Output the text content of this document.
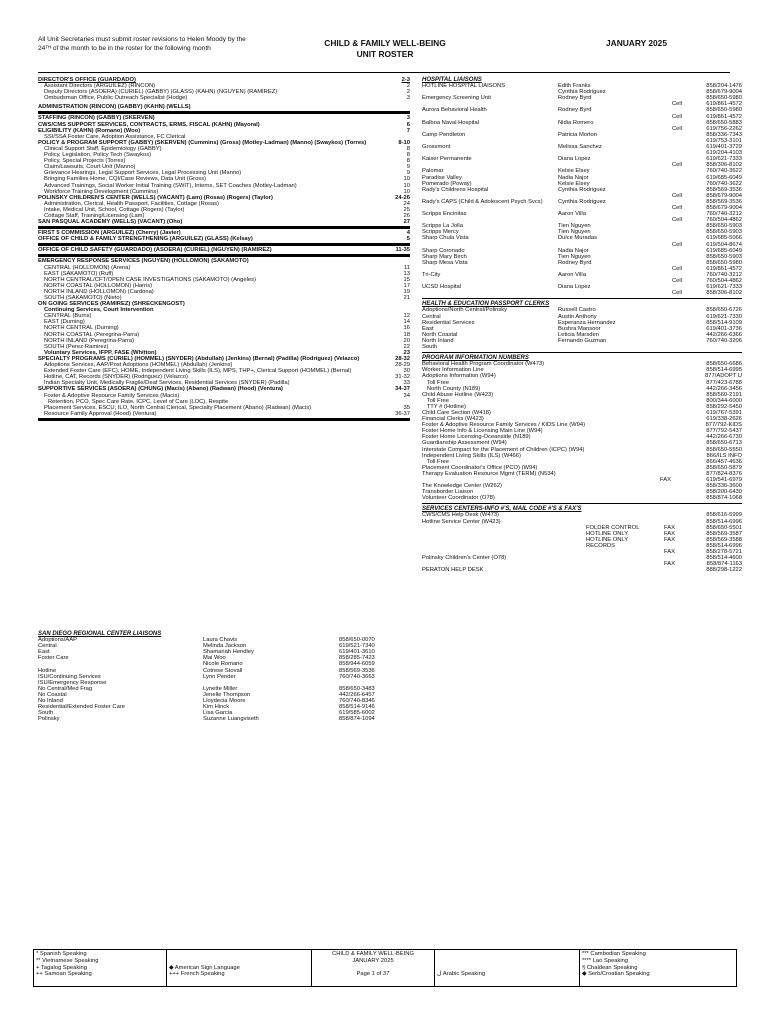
All Unit Secretaries must submit roster revisions to Helen Moody by the 24ᵀᴴ of the month to be in the roster for the following month
CHILD & FAMILY WELL-BEING
UNIT ROSTER
JANUARY 2025
DIRECTOR'S OFFICE (GUARDADO)	2-3
Assistant Directors (ARGUILEZ) (RINCON)	2
Deputy Directors (ASOERA) (CURIEL) (GABBY) (GLASS) (KAHN) (NGUYEN) (RAMIREZ)	2
Ombudsman Office, Public Outreach Specialist (Hodge)	3
ADMINISTRATION (RINCON) (GABBY) (KAHN) (WELLS)
STAFFING (RINCON) (GABBY) (SKERVEN)	3
CWS/CMS SUPPORT SERVICES, CONTRACTS, ERMS, FISCAL (KAHN) (Mayoral)	6
ELIGIBILITY (KAHN) (Romano) (Woo)	7
SSI/SSA Foster Care, Adoption Assistance, FC Clerical
POLICY & PROGRAM SUPPORT (GABBY) (SKERVEN) (Cummins) (Gross) (Motley-Ladman) (Manno) (Swaykos) (Torres)	8-10
Clinical Support Staff, Epidemiology (GABBY)	8
Policy, Legislation, Policy Tech (Swaykos)	8
Policy, Special Projects (Torres)	8
Claim/Lawsuits, Court Unit (Manno)	9
Grievance Hearings, Legal Support Services, Legal Processing Unit (Manno)	9
Bringing Families Home, CQI/Case Reviews, Data Unit (Gross)	10
Advanced Trainings, Social Worker Initial Training (SWIT), Interns, SET Coaches (Motley-Ladman)	10
Workforce Training Development (Cummins)	10
POLINSKY CHILDREN'S CENTER (WELLS) (VACANT) (Lam) (Rosas) (Rogers) (Taylor)	24-26
Administration, Clerical, Health Passport, Facilities, Cottage (Rosas)	24
Intake, Medical Unit, School, Cottage (Rogers) (Taylor)	25
Cottage Staff, Training/Licensing (Lam)	26
SAN PASQUAL ACADEMY (WELLS) (VACANT) (Oho)	27
FIRST 5 COMMISSION (ARGUILEZ) (Cherry) (Javier)	4
OFFICE OF CHILD & FAMILY STRENGTHENING (ARGUILEZ) (GLASS) (Kelsay)	5
OFFICE OF CHILD SAFETY (GUARDADO) (ASOERA) (CURIEL) (NGUYEN) (RAMIREZ)	11-35
EMERGENCY RESPONSE SERVICES (NGUYEN) (HOLLOMON) (SAKAMOTO)
CENTRAL (HOLLOMON) (Arena)	11
EAST (SAKAMOTO) (Ruff)	13
NORTH CENTRAL/CFT/OPEN CASE INVESTIGATIONS (SAKAMOTO) (Angeles)	15
NORTH COASTAL (HOLLOMON) (Harris)	17
NORTH INLAND (HOLLOMON) (Cardona)	19
SOUTH (SAKAMOTO) (Nieto)	21
ON GOING SERVICES (RAMIREZ) (SHRECKENGOST)
Continuing Services, Court Intervention
CENTRAL (Burns)	12
EAST (Durning)	14
NORTH CENTRAL (Durning)	16
NORTH COASTAL (Peregrina-Parra)	18
NORTH INLAND (Peregrina-Parra)	20
SOUTH (Perez-Ramirez)	22
Voluntary Services, IFPP, FASE (Whitton)	23
SPECIALTY PROGRAMS (CURIEL) (HOMMEL) (SNYDER) (Abdullah) (Jenkins) (Bernal) (Padilla) (Rodriguez) (Velazco)	28-32
Adoptions Services, AAP/Post Adoptions (HOMMEL) (Abdullah) (Jenkins)	28-29
Extended Foster Care (EFC), HOME, Independent Living Skills (ILS), MPS, THP+, Clerical Support (HOMMEL) (Bernal)	30
Hotline, CAT, Records (SNYDER) (Rodriguez) (Velazco)	31-32
Indian Specialty Unit, Medically Fragile/Deaf Services, Residential Services (SNYDER) (Padilla)	33
SUPPORTIVE SERVICES (ASOERA) (CHUNG) (Macis) (Abano) (Radwan) (Hood) (Ventura)	34-37
Foster & Adoptive Resource Family Services (Macis)	34
Retention, PCO, Spec Care Rate, ICPC, Level of Care (LOC), Respite
Placement Services, ESCU, ILO, North Central Clerical, Specialty Placement (Abano) (Radwan) (Macis)	35
Resource Family Approval (Hood) (Ventura)	36-37
SAN DIEGO REGIONAL CENTER LIAISONS
Adoptions/AAP	Laura Chavis	858/650-0070
Central	Melinda Jackson	619/521-7340
East	Shamariah Hendley	619/401-3610
Foster Care	Mai Woo	858/285-7423
Nicole Romano	858/944-6059
Hotline	Cotrese Stovall	858/569-3536
ISU/Continuing Services	Lynn Pender	760/740-3663
ISU/Emergency Response
No Central/Med Frag	Lynette Miller	858/650-3483
No Coastal	Jenelle Thompson	442/266-6457
No Inland	Lloydecia Moore	760/740-8346
Residential/Extended Foster Care	Kim Hinck	858/514-9146
South	Lisa Garcia	619/585-6002
Polinsky	Suzanne Luangviseth	858/874-1094
HOSPITAL LIAISONS
HOTLINE HOSPITAL LIAISONS	Edith Franks	858/204-1476
Cynthia Rodriguez	858/679-9004
Emergency Screening Unit	Rodney Byrd	858/650-5980
Cell	619/861-4572
Aurora Behavioral Health	Rodney Byrd	858/650-5980
Cell	619/861-4572
Balboa Naval Hospital	Nidia Romero	858/650-5883
Cell	619/756-2262
Camp Pendleton	Patricia Morton	858/336-7343
619/753-3101
Grossmont	Melissa Sanchez	619/401-3729
619/204-4103
Kaiser Permanente	Diana Lopez	619/621-7333
Cell	858/306-8102
Palomar	Kelsie Elsey	760/740-3622
Paradise Valley	Nadia Najor	619/685-6049
Pomerado (Poway)	Kelsie Elsey	760/740-3622
Rady's Childrens Hospital	Cynthia Rodriguez	858/569-3536
Cell	858/679-9004
Rady's CAPS (Child & Adolescent Psych Svcs)	Cynthia Rodriguez	858/569-3536
Cell	858/679-9004
Scripps Encinitas	Aaron Villa	760/740-3212
Cell	760/504-4862
Scripps La Jolla	Tien Nguyen	858/650-5903
Scripps Mercy	Tien Nguyen	858/650-5903
Sharp Chula Vista	Dulce Muradas	619/685-5066
Cell	619/504-8674
Sharp Coronado	Nadia Najor	619/685-6049
Sharp Mary Birch	Tien Nguyen	858/650-5903
Sharp Mesa Vista	Rodney Byrd	858/650-5980
Cell	619/861-4572
Tri-City	Aaron Villa	760/740-3212
Cell	760/504-4862
UCSD Hospital	Diana Lopez	619/621-7333
Cell	858/306-8102
HEALTH & EDUCATION PASSPORT CLERKS
Adoptions/North Central/Polinsky	Russell Castro	858/650-6726
Central	Austin Anthony	619/621-7330
Residential Services	Esperanza Hernandez	858/514-9109
East	Bushra Mansoor	619/401-3736
North Coastal	Leticia Marsden	442/266-6366
North Inland	Fernando Guzman	760/740-3206
South
PROGRAM INFORMATION NUMBERS
Behavioral Health Program Coordinator (W473)	858/650-6686
Worker Information Line	858/514-6995
Adoptions Information (W94)	877/ADOPT U
Toll Free	877/423-6788
North County (N189)	442/266-3456
Child Abuse Hotline (W423)	858/560-2191
Toll Free	800/344-6000
TTY # (Hotline)	858/292-5450
Child Care Section (W418)	619/767-5391
Financial Clerks (W423)	619/338-2626
Foster & Adoptive Resource Family Services / KIDS Line (W94)	877/792-KIDS
Foster Home Info & Licensing Main Line (W94)	877/792-5437
Foster Home Licensing-Oceanside (N189)	442/266-6730
Guardianship Assessment (W94)	858/650-6713
Interstate Compact for the Placement of Children (ICPC) (W94)	858/650-5550
Independent Living Skills (ILS) (W466)	866/ILS INFO
Toll Free	866/457-4636
Placement Coordinator's Office (PCO) (W94)	858/650-5879
Therapy Evaluation Resource Mgmt (TERM) (N534)	877/824-8376
FAX	619/541-6979
The Knowledge Center (W262)	858/336-3600
Transborder Liaison	858/200-6430
Volunteer Coordinator (O78)	858/874-1068
SERVICES CENTERS-INFO #'S, MAIL CODE #'S & FAX'S
CWS/CMS Help Desk (W473)	858/616-5999
Hotline Service Center (W423)	858/514-6996
FOLDER CONTROL	FAX	858/650-5501
HOTLINE ONLY	FAX	858/569-3587
HOTLINE ONLY	FAX	858/569-3588
RECORDS	858/514-6996
FAX	858/278-5721
Polinsky Children's Center (O78)	858/514-4600
FAX	858/874-1163
PERATON HELP DESK	888/298-1222
* Spanish Speaking
** Vietnamese Speaking
+ Tagalog Speaking
++ Samoan Speaking

◆ American Sign Language
+++ French Speaking
CHILD & FAMILY WELL-BEING
JANUARY 2025

Page 1 of 37

	ل Arabic Speaking
*** Cambodian Speaking
**** Lao Speaking
§ Chaldean Speaking
◆ Serb/Croatian Speaking
